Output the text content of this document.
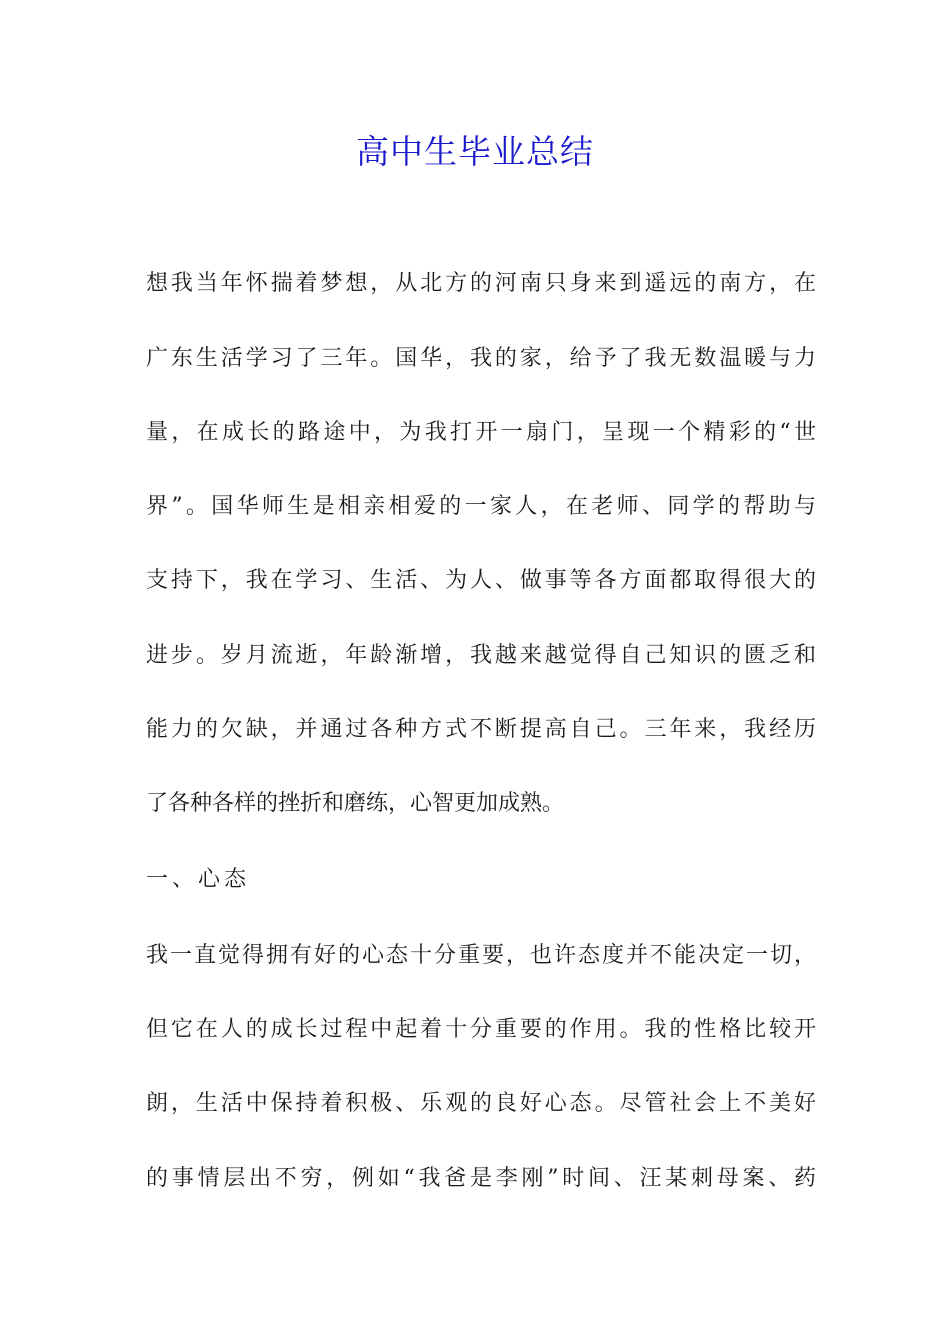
高中生毕业总结
想我当年怀揣着梦想，从北方的河南只身来到遥远的南方，在
广东生活学习了三年。国华，我的家，给予了我无数温暖与力
量，在成长的路途中，为我打开一扇门，呈现一个精彩的“世
界”。国华师生是相亲相爱的一家人，在老师、同学的帮助与
支持下，我在学习、生活、为人、做事等各方面都取得很大的
进步。岁月流逝，年龄渐增，我越来越觉得自己知识的匮乏和
能力的欠缺，并通过各种方式不断提高自己。三年来，我经历
了各种各样的挫折和磨练，心智更加成熟。
一、心态
我一直觉得拥有好的心态十分重要，也许态度并不能决定一切，
但它在人的成长过程中起着十分重要的作用。我的性格比较开
朗，生活中保持着积极、乐观的良好心态。尽管社会上不美好
的事情层出不穷，例如“我爸是李刚”时间、汪某刺母案、药
